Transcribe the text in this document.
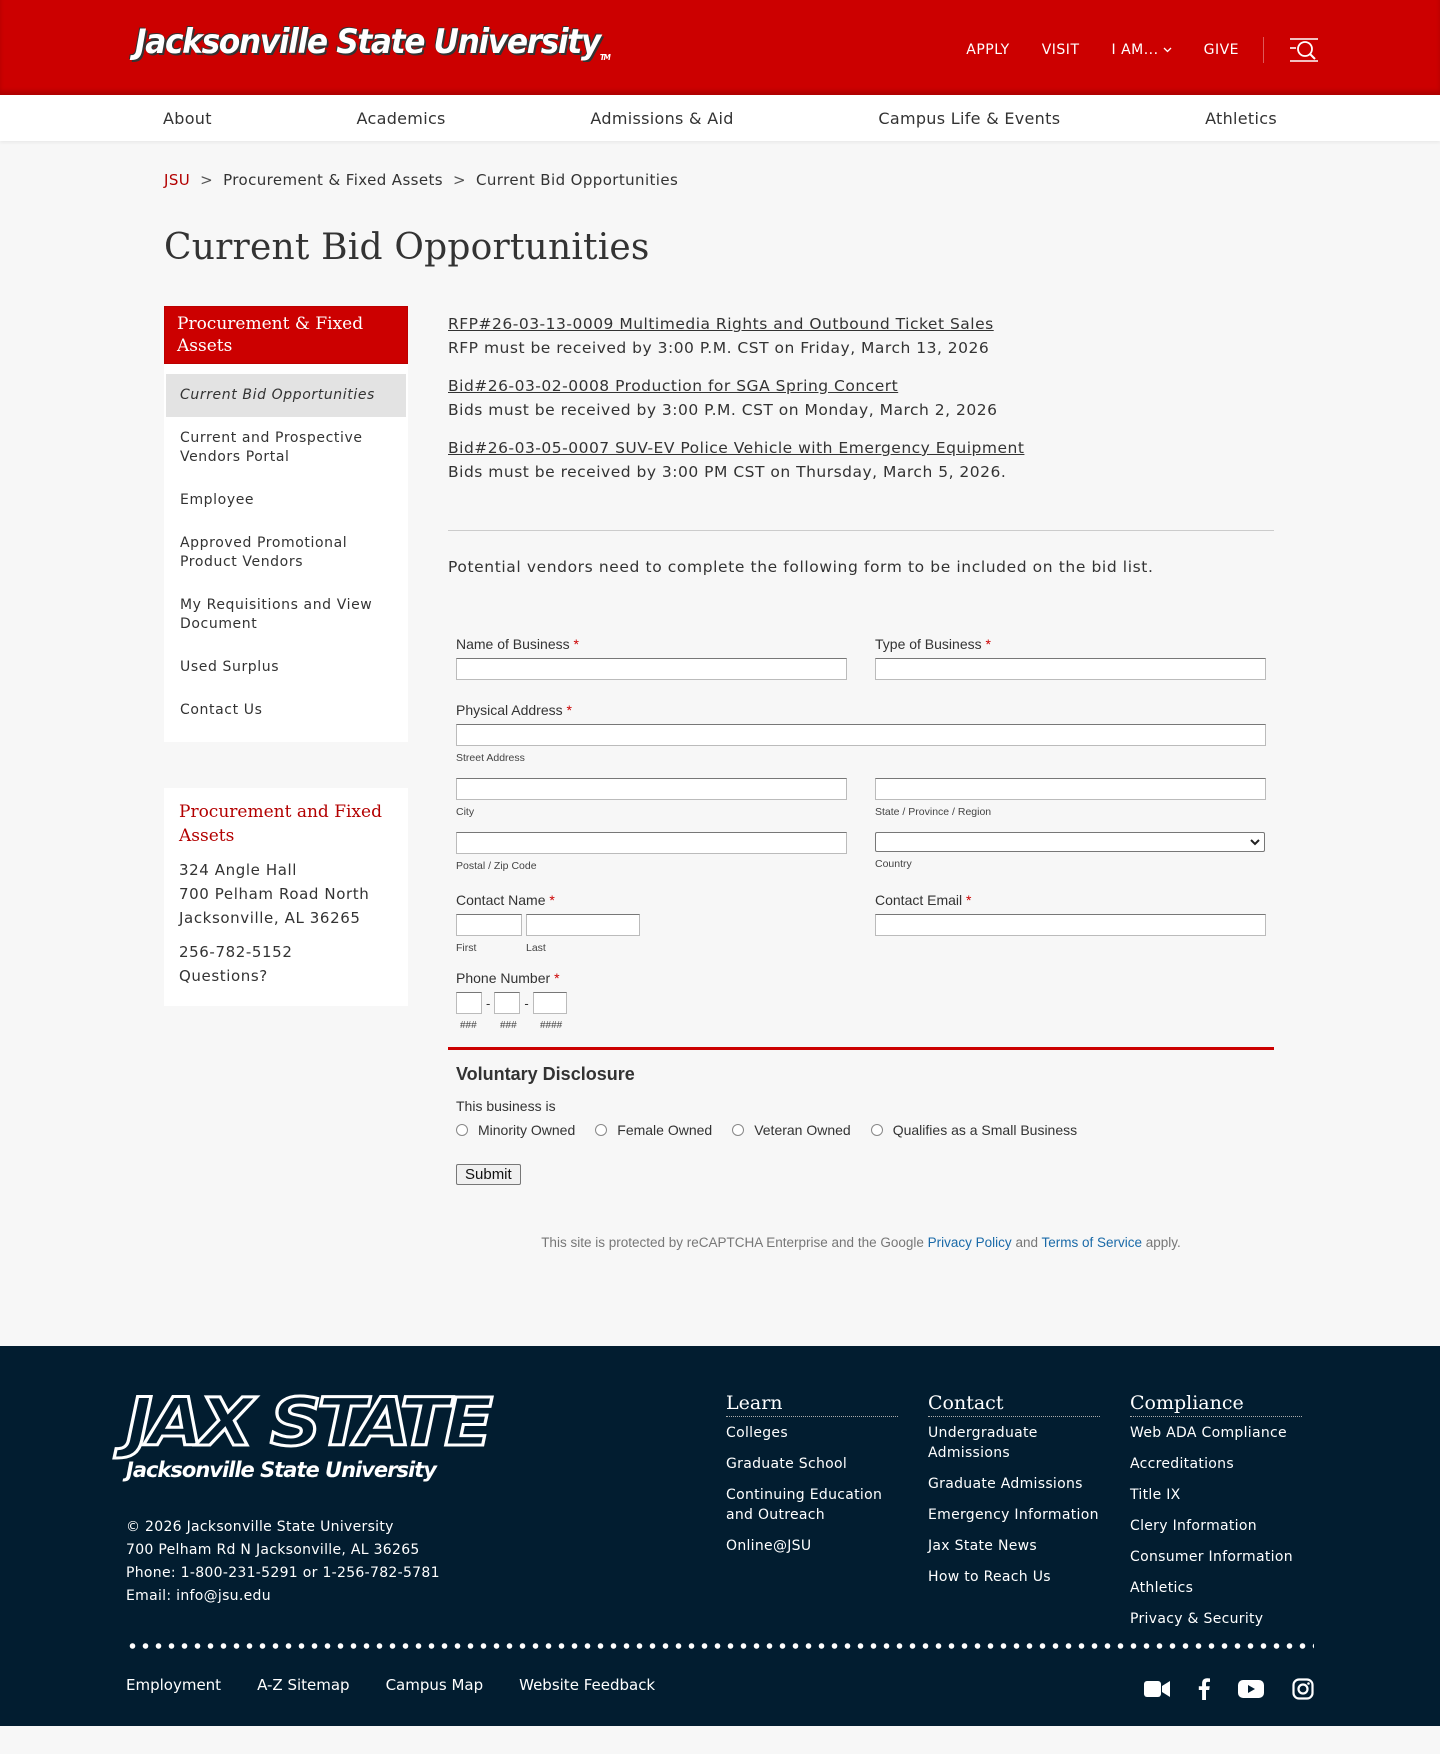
Jacksonville State UniversityTM	APPLY VISIT I AM...	GIVE
About	Academics	Admissions & Aid	Campus Life & Events	Athletics
JSU > Procurement & Fixed Assets > Current Bid Opportunities
Current Bid Opportunities
Procurement & Fixed Assets
Current Bid Opportunities
Current and Prospective Vendors Portal
Employee
Approved Promotional Product Vendors
My Requisitions and View Document
Used Surplus
Contact Us
Procurement and Fixed Assets

324 Angle Hall
700 Pelham Road North
Jacksonville, AL 36265

256-782-5152
Questions?

RFP#26-03-13-0009 Multimedia Rights and Outbound Ticket Sales
RFP must be received by 3:00 P.M. CST on Friday, March 13, 2026
Bid#26-03-02-0008 Production for SGA Spring Concert
Bids must be received by 3:00 P.M. CST on Monday, March 2, 2026
Bid#26-03-05-0007 SUV-EV Police Vehicle with Emergency Equipment
Bids must be received by 3:00 PM CST on Thursday, March 5, 2026.

Potential vendors need to complete the following form to be included on the bid list.

Name of Business *	Type of Business *
Physical Address *
Street Address
City	State / Province / Region
Postal / Zip Code	Country
Contact Name *
First	Last
Contact Email *
Phone Number *
-	-
###	###	####
Voluntary Disclosure
This business is
Minority Owned	Female Owned	Veteran Owned	Qualifies as a Small Business
Submit

This site is protected by reCAPTCHA Enterprise and the Google Privacy Policy and Terms of Service apply.

JAX STATE
Jacksonville State University
© 2026 Jacksonville State University
700 Pelham Rd N Jacksonville, AL 36265
Phone: 1-800-231-5291 or 1-256-782-5781
Email: info@jsu.edu
Learn
Colleges
Graduate School
Continuing Education and Outreach
Online@JSU
Contact
Undergraduate Admissions
Graduate Admissions
Emergency Information
Jax State News
How to Reach Us
Compliance
Web ADA Compliance
Accreditations
Title IX
Clery Information
Consumer Information
Athletics
Privacy & Security
Employment A-Z Sitemap Campus Map Website Feedback
